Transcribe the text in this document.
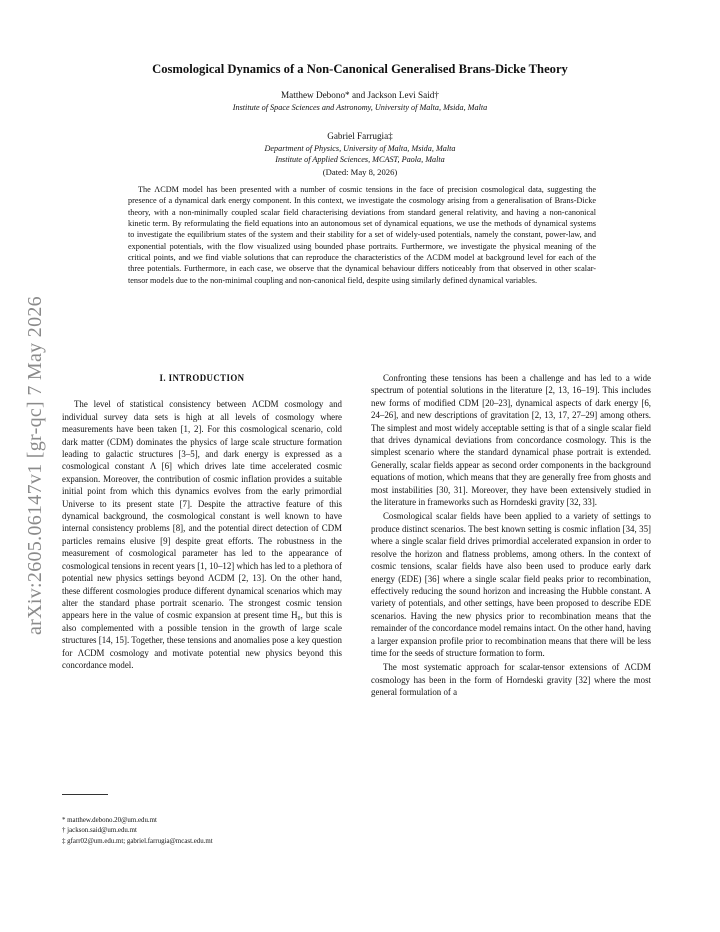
arXiv:2605.06147v1 [gr-qc] 7 May 2026
Cosmological Dynamics of a Non-Canonical Generalised Brans-Dicke Theory

Matthew Debono* and Jackson Levi Said†

Institute of Space Sciences and Astronomy, University of Malta, Msida, Malta

Gabriel Farrugia‡

Department of Physics, University of Malta, Msida, Malta

Institute of Applied Sciences, MCAST, Paola, Malta

(Dated: May 8, 2026)

The ΛCDM model has been presented with a number of cosmic tensions in the face of precision cosmological data, suggesting the presence of a dynamical dark energy component. In this context, we investigate the cosmology arising from a generalisation of Brans-Dicke theory, with a non-minimally coupled scalar field characterising deviations from standard general relativity, and having a non-canonical kinetic term. By reformulating the field equations into an autonomous set of dynamical equations, we use the methods of dynamical systems to investigate the equilibrium states of the system and their stability for a set of widely-used potentials, namely the constant, power-law, and exponential potentials, with the flow visualized using bounded phase portraits. Furthermore, we investigate the physical meaning of the critical points, and we find viable solutions that can reproduce the characteristics of the ΛCDM model at background level for each of the three potentials. Furthermore, in each case, we observe that the dynamical behaviour differs noticeably from that observed in other scalar-tensor models due to the non-minimal coupling and non-canonical field, despite using similarly defined dynamical variables.

I. INTRODUCTION

The level of statistical consistency between ΛCDM cosmology and individual survey data sets is high at all levels of cosmology where measurements have been taken [1, 2]. For this cosmological scenario, cold dark matter (CDM) dominates the physics of large scale structure formation leading to galactic structures [3–5], and dark energy is expressed as a cosmological constant Λ [6] which drives late time accelerated cosmic expansion. Moreover, the contribution of cosmic inflation provides a suitable initial point from which this dynamics evolves from the early primordial Universe to its present state [7]. Despite the attractive feature of this dynamical background, the cosmological constant is well known to have internal consistency problems [8], and the potential direct detection of CDM particles remains elusive [9] despite great efforts. The robustness in the measurement of cosmological parameter has led to the appearance of cosmological tensions in recent years [1, 10–12] which has led to a plethora of potential new physics settings beyond ΛCDM [2, 13]. On the other hand, these different cosmologies produce different dynamical scenarios which may alter the standard phase portrait scenario. The strongest cosmic tension appears here in the value of cosmic expansion at present time H₀, but this is also complemented with a possible tension in the growth of large scale structures [14, 15]. Together, these tensions and anomalies pose a key question for ΛCDM cosmology and motivate potential new physics beyond this concordance model.

Confronting these tensions has been a challenge and has led to a wide spectrum of potential solutions in the literature [2, 13, 16–19]. This includes new forms of modified CDM [20–23], dynamical aspects of dark energy [6, 24–26], and new descriptions of gravitation [2, 13, 17, 27–29] among others. The simplest and most widely acceptable setting is that of a single scalar field that drives dynamical deviations from concordance cosmology. This is the simplest scenario where the standard dynamical phase portrait is extended. Generally, scalar fields appear as second order components in the background equations of motion, which means that they are generally free from ghosts and most instabilities [30, 31]. Moreover, they have been extensively studied in the literature in frameworks such as Horndeski gravity [32, 33].

Cosmological scalar fields have been applied to a variety of settings to produce distinct scenarios. The best known setting is cosmic inflation [34, 35] where a single scalar field drives primordial accelerated expansion in order to resolve the horizon and flatness problems, among others. In the context of cosmic tensions, scalar fields have also been used to produce early dark energy (EDE) [36] where a single scalar field peaks prior to recombination, effectively reducing the sound horizon and increasing the Hubble constant. A variety of potentials, and other settings, have been proposed to describe EDE scenarios. Having the new physics prior to recombination means that the remainder of the concordance model remains intact. On the other hand, having a larger expansion profile prior to recombination means that there will be less time for the seeds of structure formation to form.

The most systematic approach for scalar-tensor extensions of ΛCDM cosmology has been in the form of Horndeski gravity [32] where the most general formulation of a

* matthew.debono.20@um.edu.mt
† jackson.said@um.edu.mt
‡ gfarr02@um.edu.mt; gabriel.farrugia@mcast.edu.mt
